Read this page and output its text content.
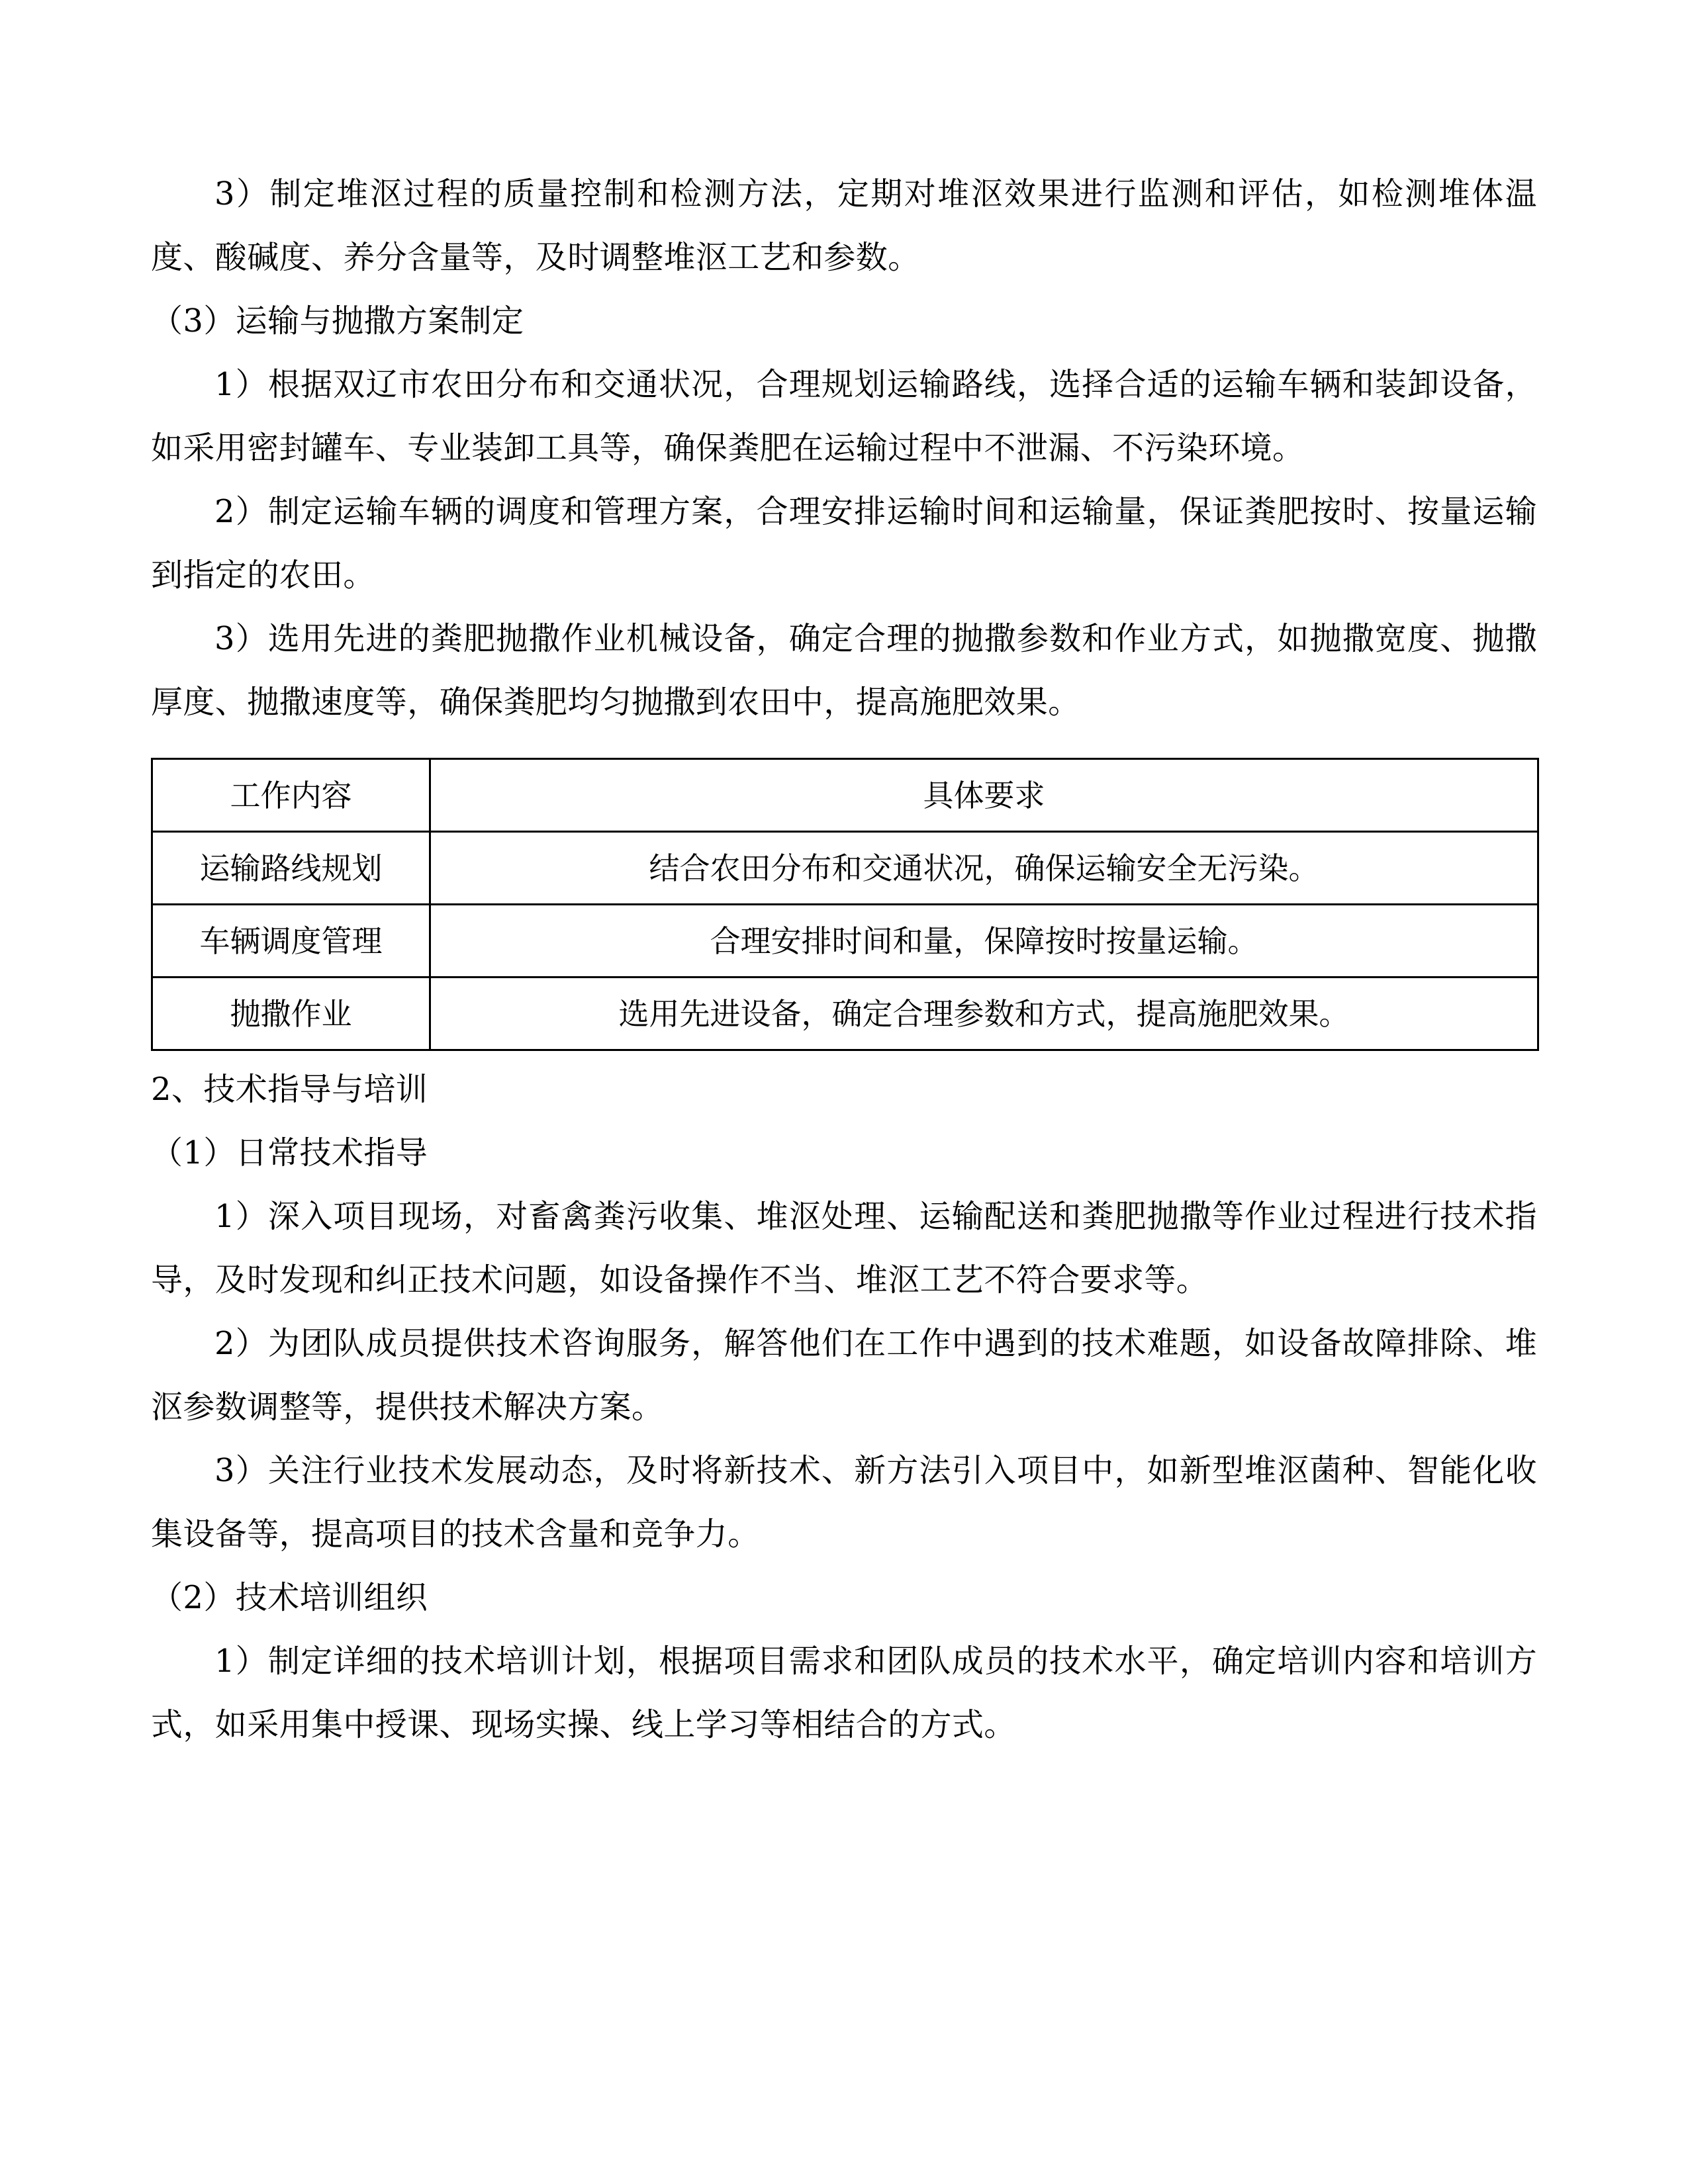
3）制定堆沤过程的质量控制和检测方法，定期对堆沤效果进行监测和评估，如检测堆体温度、酸碱度、养分含量等，及时调整堆沤工艺和参数。

（3）运输与抛撒方案制定

1）根据双辽市农田分布和交通状况，合理规划运输路线，选择合适的运输车辆和装卸设备，如采用密封罐车、专业装卸工具等，确保粪肥在运输过程中不泄漏、不污染环境。

2）制定运输车辆的调度和管理方案，合理安排运输时间和运输量，保证粪肥按时、按量运输到指定的农田。

3）选用先进的粪肥抛撒作业机械设备，确定合理的抛撒参数和作业方式，如抛撒宽度、抛撒厚度、抛撒速度等，确保粪肥均匀抛撒到农田中，提高施肥效果。

工作内容	具体要求
运输路线规划	结合农田分布和交通状况，确保运输安全无污染。
车辆调度管理	合理安排时间和量，保障按时按量运输。
抛撒作业	选用先进设备，确定合理参数和方式，提高施肥效果。

2、技术指导与培训

（1）日常技术指导

1）深入项目现场，对畜禽粪污收集、堆沤处理、运输配送和粪肥抛撒等作业过程进行技术指导，及时发现和纠正技术问题，如设备操作不当、堆沤工艺不符合要求等。

2）为团队成员提供技术咨询服务，解答他们在工作中遇到的技术难题，如设备故障排除、堆沤参数调整等，提供技术解决方案。

3）关注行业技术发展动态，及时将新技术、新方法引入项目中，如新型堆沤菌种、智能化收集设备等，提高项目的技术含量和竞争力。

（2）技术培训组织

1）制定详细的技术培训计划，根据项目需求和团队成员的技术水平，确定培训内容和培训方式，如采用集中授课、现场实操、线上学习等相结合的方式。
